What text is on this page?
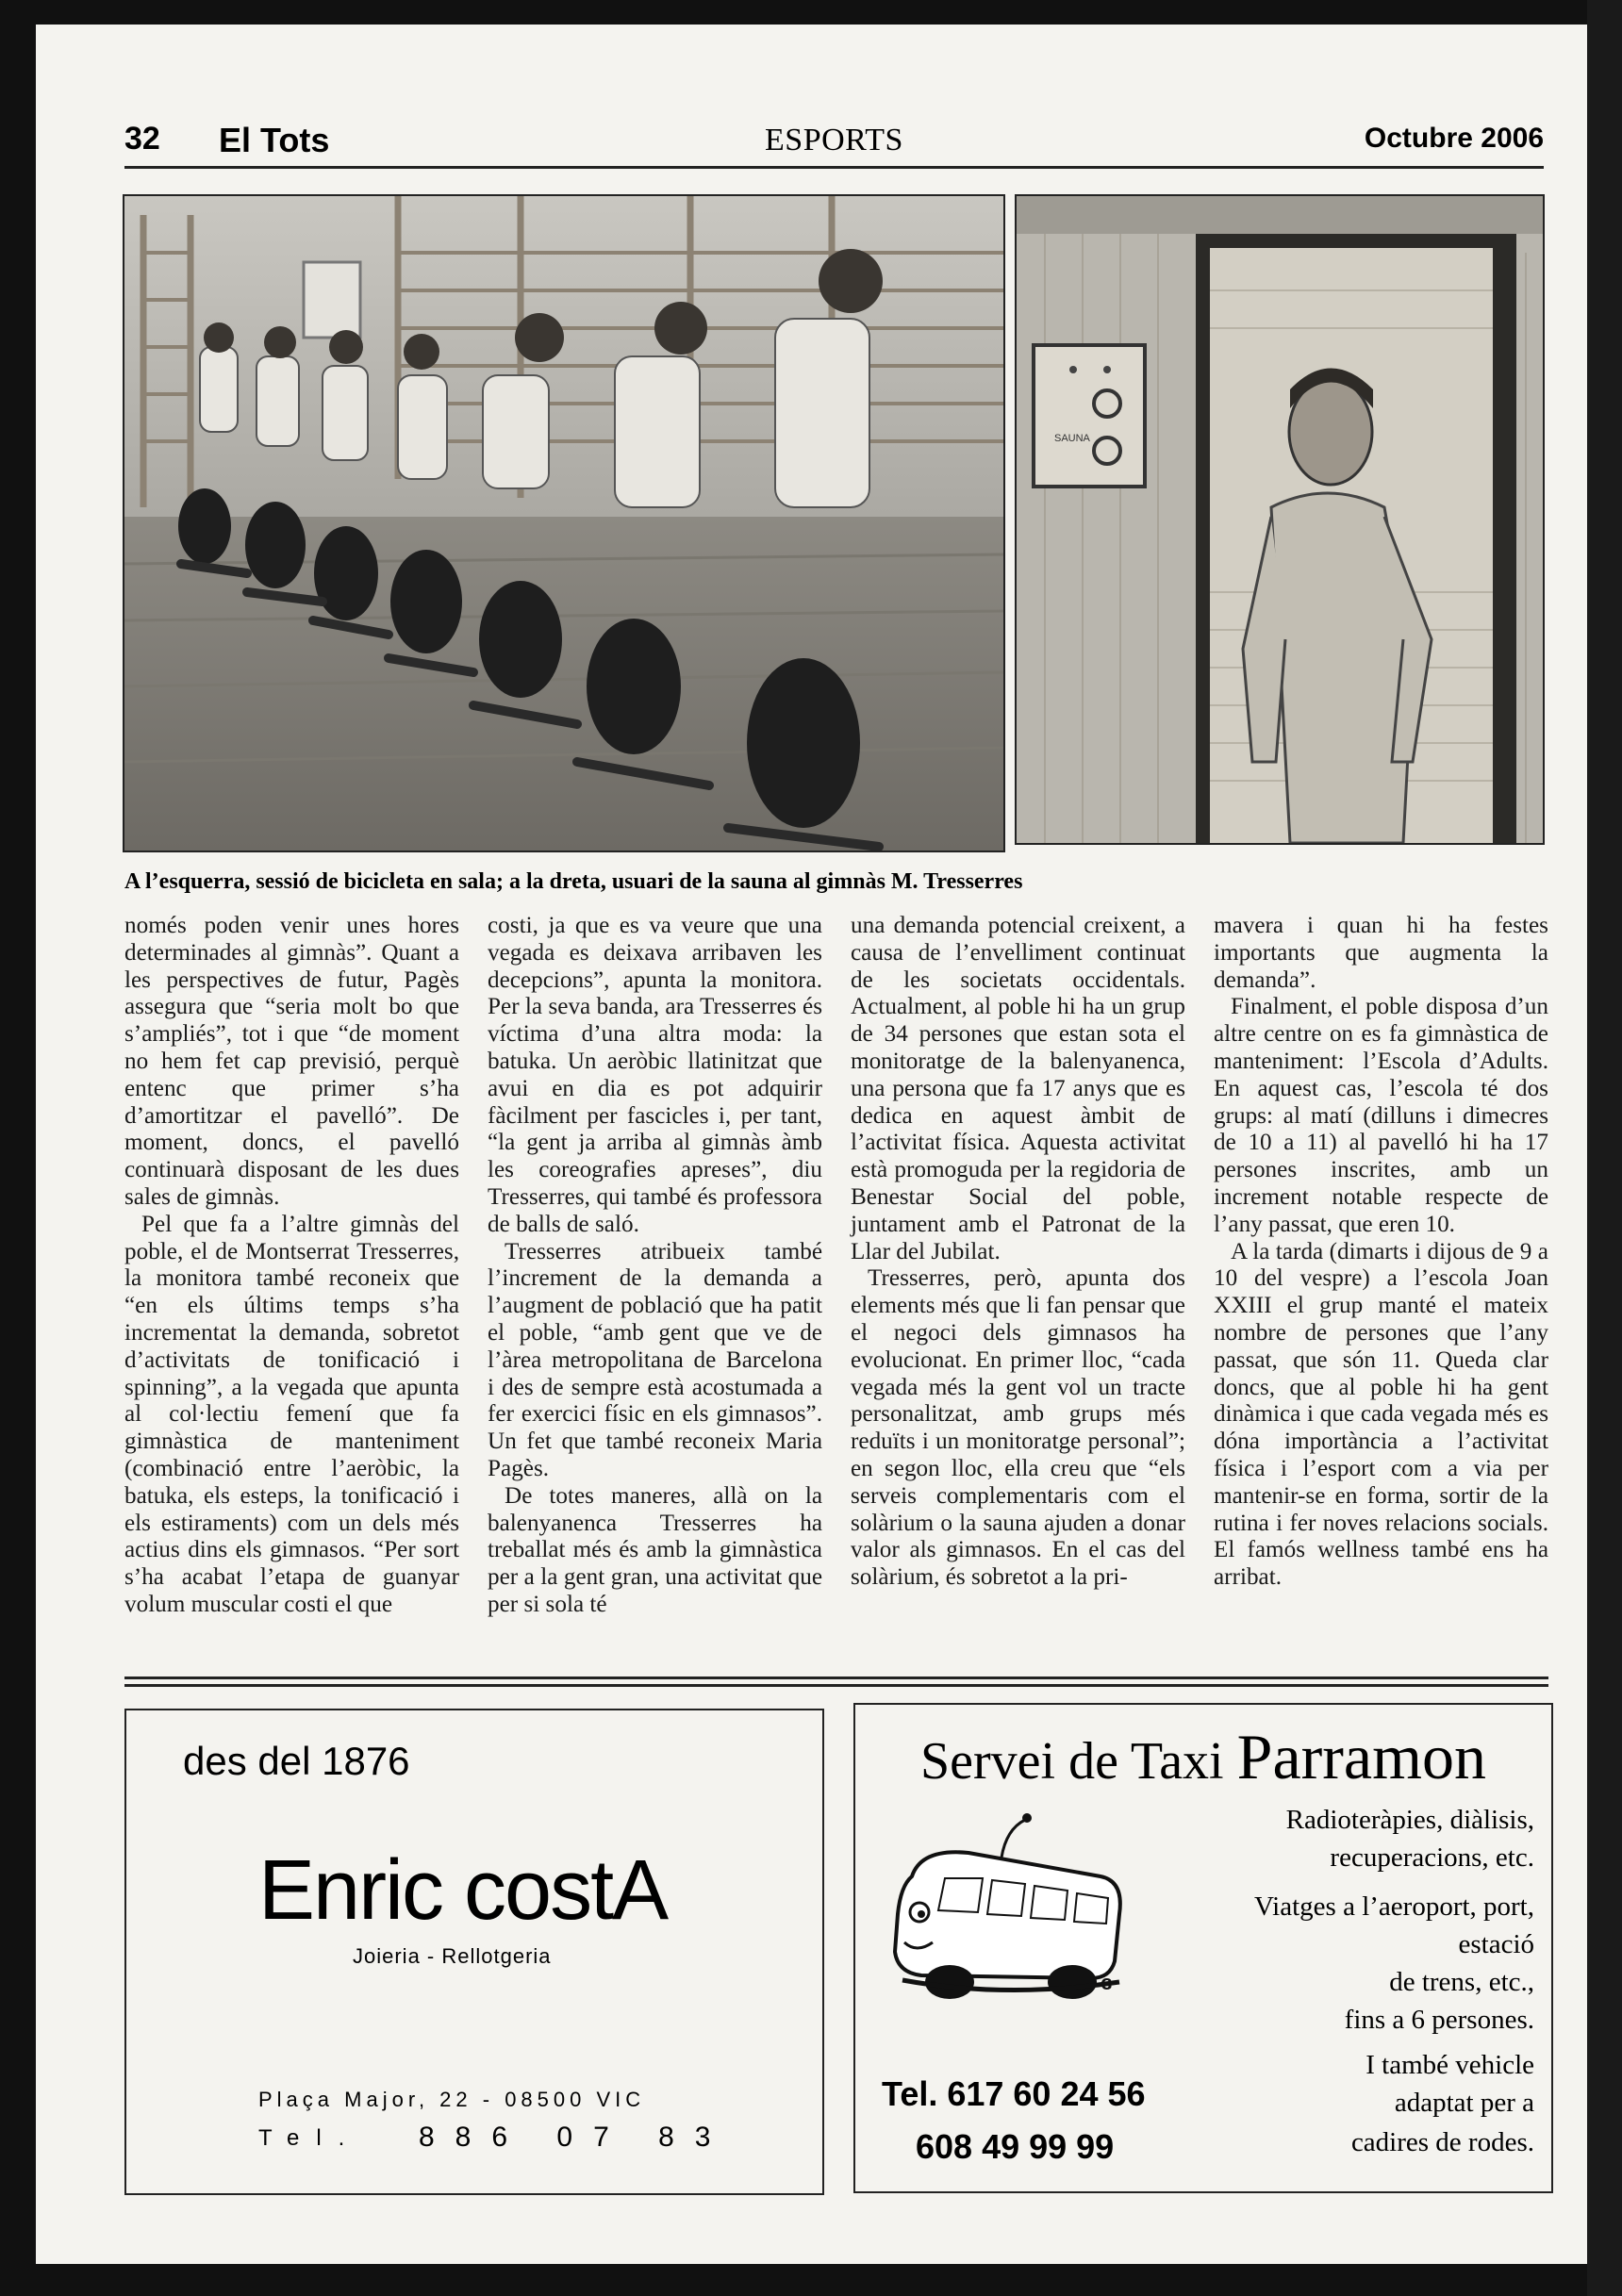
32 El Tots	ESPORTS	Octubre 2006
SAUNA
A l’esquerra, sessió de bicicleta en sala; a la dreta, usuari de la sauna al gimnàs M. Tresserres

només poden venir unes hores determinades al gimnàs”. Quant a les perspectives de futur, Pagès assegura que “seria molt bo que s’ampliés”, tot i que “de moment no hem fet cap previsió, perquè entenc que primer s’ha d’amortitzar el pavelló”. De moment, doncs, el pavelló continuarà disposant de les dues sales de gimnàs.

Pel que fa a l’altre gimnàs del poble, el de Montserrat Tresserres, la monitora també reconeix que “en els últims temps s’ha incrementat la demanda, sobretot d’activitats de tonificació i spinning”, a la vegada que apunta al col·lectiu femení que fa gimnàstica de manteniment (combinació entre l’aeròbic, la batuka, els esteps, la tonificació i els estiraments) com un dels més actius dins els gimnasos. “Per sort s’ha acabat l’etapa de guanyar volum muscular costi el que

costi, ja que es va veure que una vegada es deixava arribaven les decepcions”, apunta la monitora. Per la seva banda, ara Tresserres és víctima d’una altra moda: la batuka. Un aeròbic llatinitzat que avui en dia es pot adquirir fàcilment per fascicles i, per tant, “la gent ja arriba al gimnàs àmb les coreografies apreses”, diu Tresserres, qui també és professora de balls de saló.

Tresserres atribueix també l’increment de la demanda a l’augment de població que ha patit el poble, “amb gent que ve de l’àrea metropolitana de Barcelona i des de sempre està acostumada a fer exercici físic en els gimnasos”. Un fet que també reconeix Maria Pagès.

De totes maneres, allà on la balenyanenca Tresserres ha treballat més és amb la gimnàstica per a la gent gran, una activitat que per si sola té

una demanda potencial creixent, a causa de l’envelliment continuat de les societats occidentals. Actualment, al poble hi ha un grup de 34 persones que estan sota el monitoratge de la balenyanenca, una persona que fa 17 anys que es dedica en aquest àmbit de l’activitat física. Aquesta activitat està promoguda per la regidoria de Benestar Social del poble, juntament amb el Patronat de la Llar del Jubilat.

Tresserres, però, apunta dos elements més que li fan pensar que el negoci dels gimnasos ha evolucionat. En primer lloc, “cada vegada més la gent vol un tracte personalitzat, amb grups més reduïts i un monitoratge personal”; en segon lloc, ella creu que “els serveis complementaris com el solàrium o la sauna ajuden a donar valor als gimnasos. En el cas del solàrium, és sobretot a la pri-

mavera i quan hi ha festes importants que augmenta la demanda”.

Finalment, el poble disposa d’un altre centre on es fa gimnàstica de manteniment: l’Escola d’Adults. En aquest cas, l’escola té dos grups: al matí (dilluns i dimecres de 10 a 11) al pavelló hi ha 17 persones inscrites, amb un increment notable respecte de l’any passat, que eren 10.

A la tarda (dimarts i dijous de 9 a 10 del vespre) a l’escola Joan XXIII el grup manté el mateix nombre de persones que l’any passat, que són 11. Queda clar doncs, que al poble hi ha gent dinàmica i que cada vegada més es dóna importància a l’activitat física i l’esport com a via per mantenir-se en forma, sortir de la rutina i fer noves relacions socials. El famós wellness també ens ha arribat.

des del 1876
Enric costA
Joieria - Rellotgeria
Plaça Major, 22 - 08500 VIC
Tel. 886 07 83
Servei de Taxi Parramon
ɞ
Radioteràpies, diàlisis,
recuperacions, etc.
Viatges a l’aeroport, port,
estació
de trens, etc.,
fins a 6 persones.
I també vehicle
adaptat per a
cadires de rodes.
Tel. 617 60 24 56
608 49 99 99
